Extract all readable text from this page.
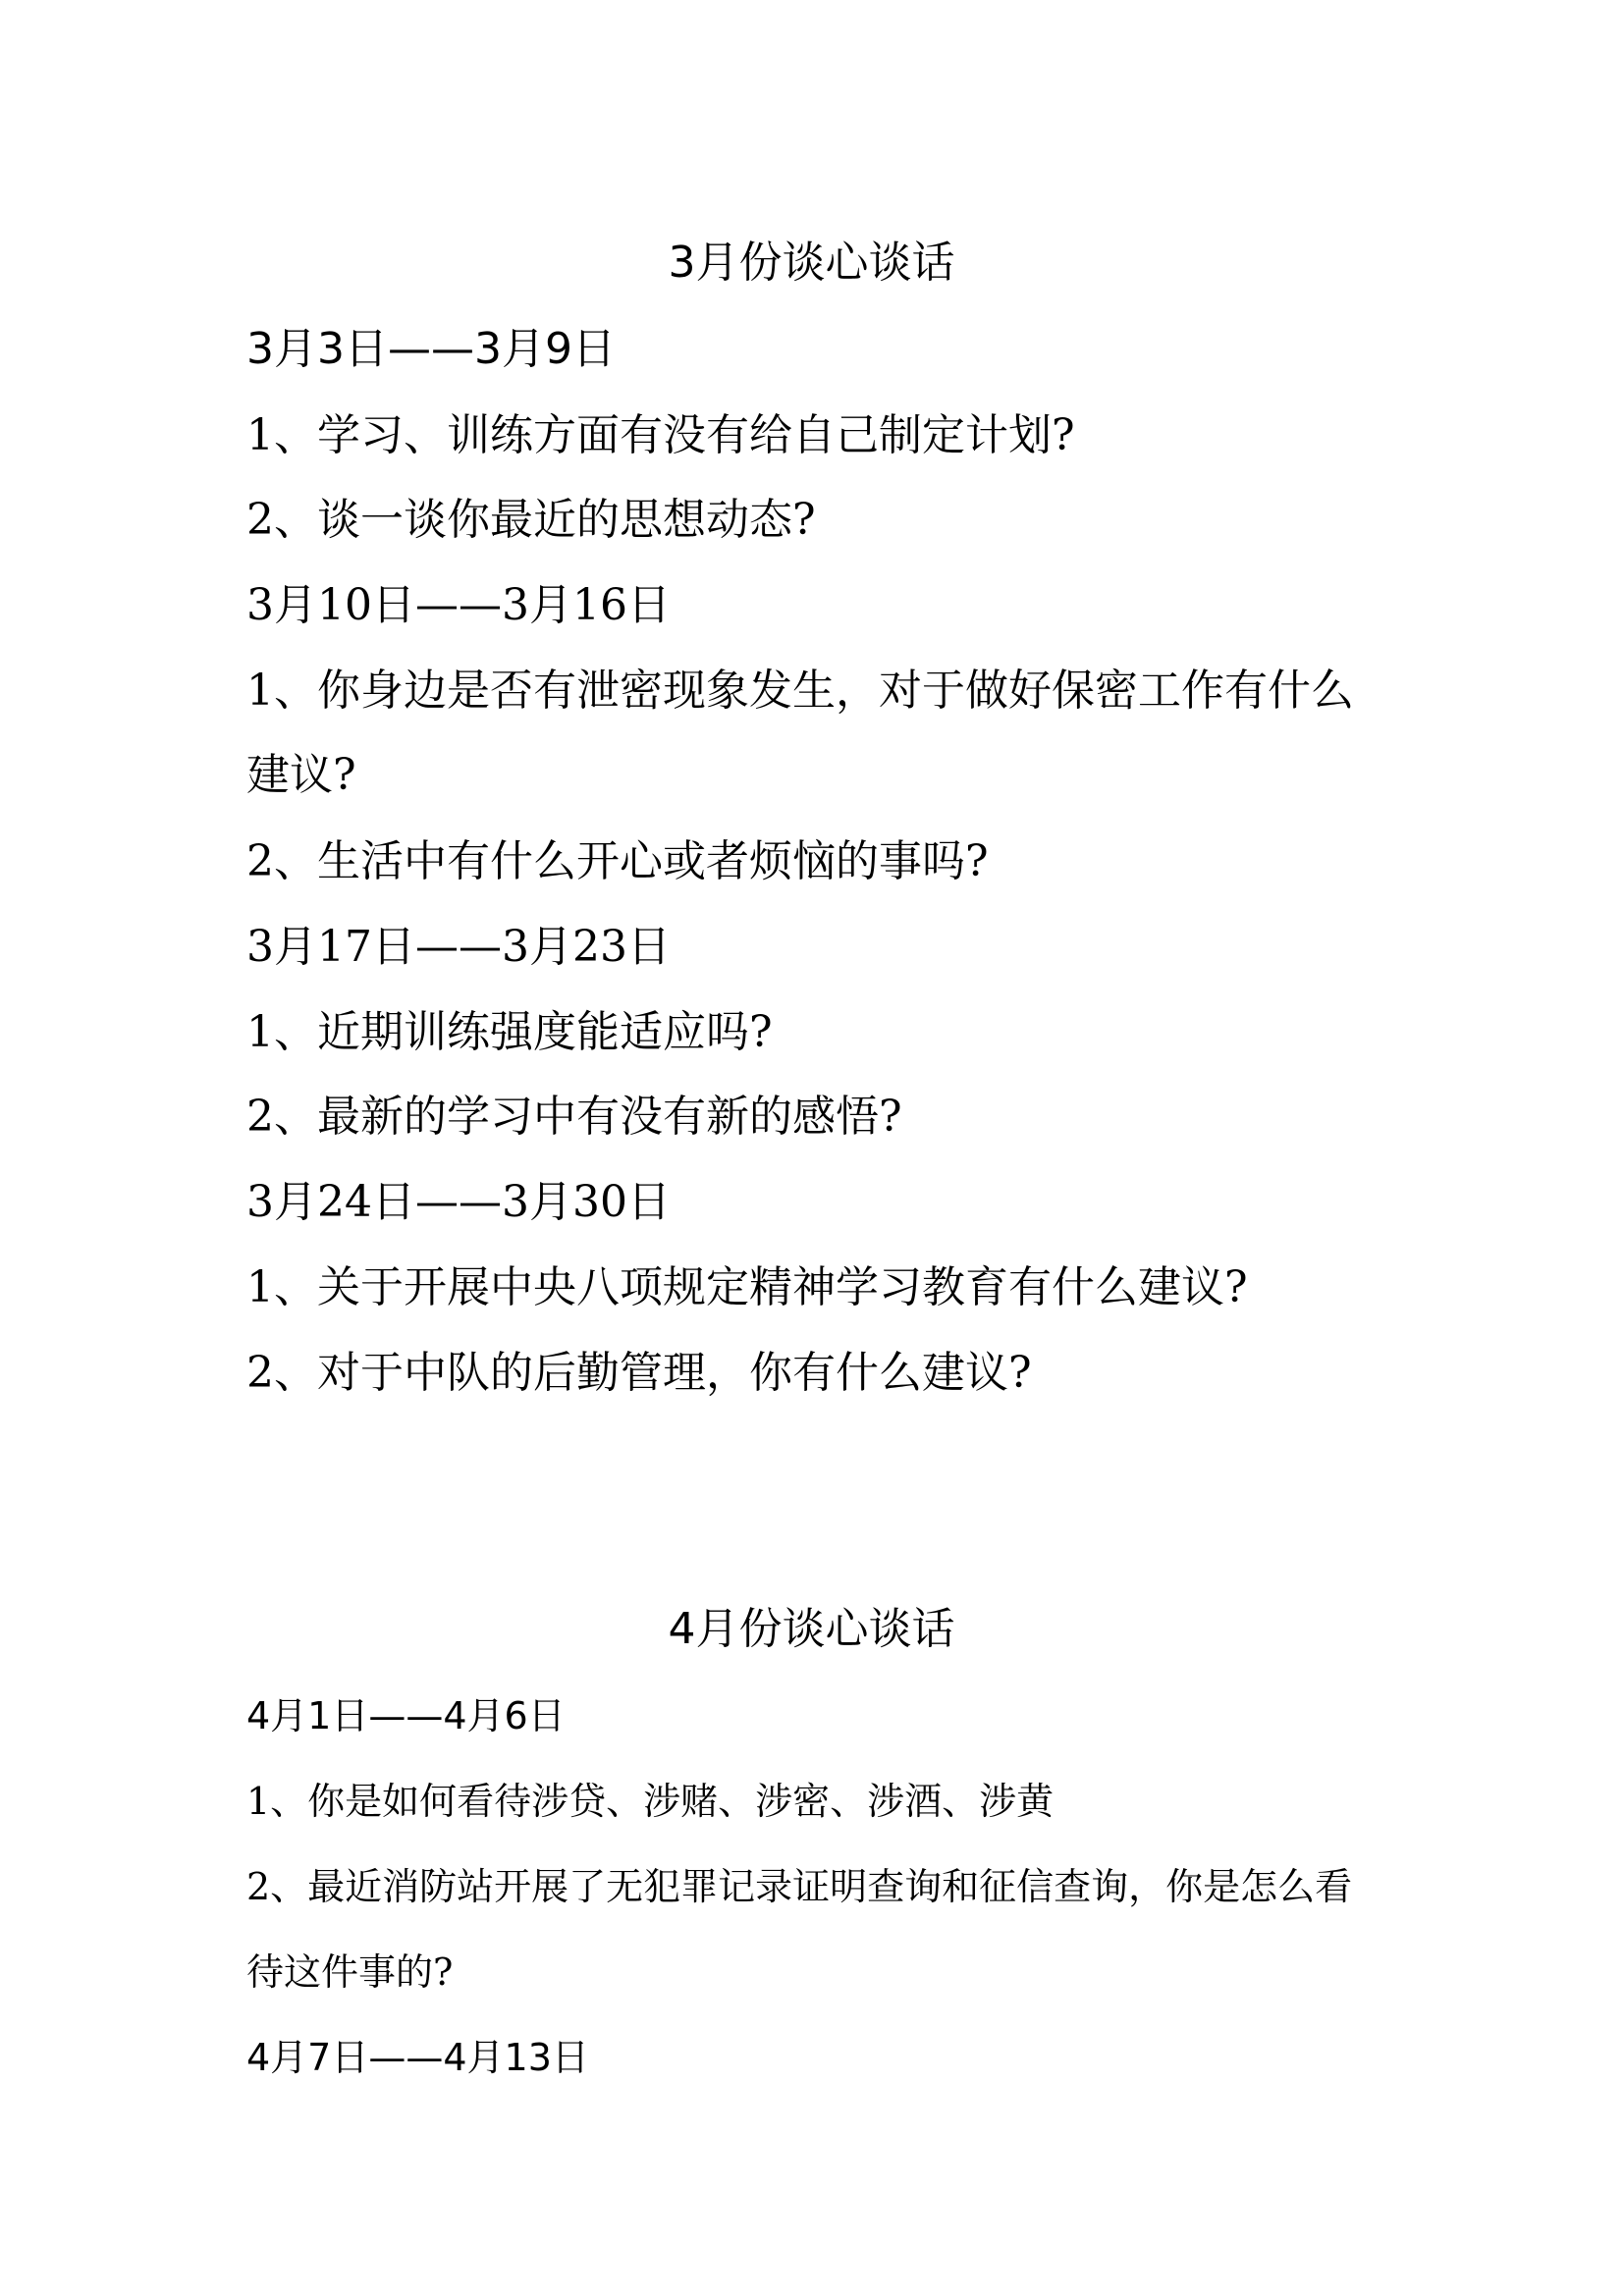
3月份谈心谈话
3月3日——3月9日
1、学习、训练方面有没有给自己制定计划?
2、谈一谈你最近的思想动态?
3月10日——3月16日
1、你身边是否有泄密现象发生，对于做好保密工作有什么
建议?
2、生活中有什么开心或者烦恼的事吗?
3月17日——3月23日
1、近期训练强度能适应吗?
2、最新的学习中有没有新的感悟?
3月24日——3月30日
1、关于开展中央八项规定精神学习教育有什么建议?
2、对于中队的后勤管理，你有什么建议?
4月份谈心谈话
4月1日——4月6日
1、你是如何看待涉贷、涉赌、涉密、涉酒、涉黄
2、最近消防站开展了无犯罪记录证明查询和征信查询，你是怎么看
待这件事的?
4月7日——4月13日
